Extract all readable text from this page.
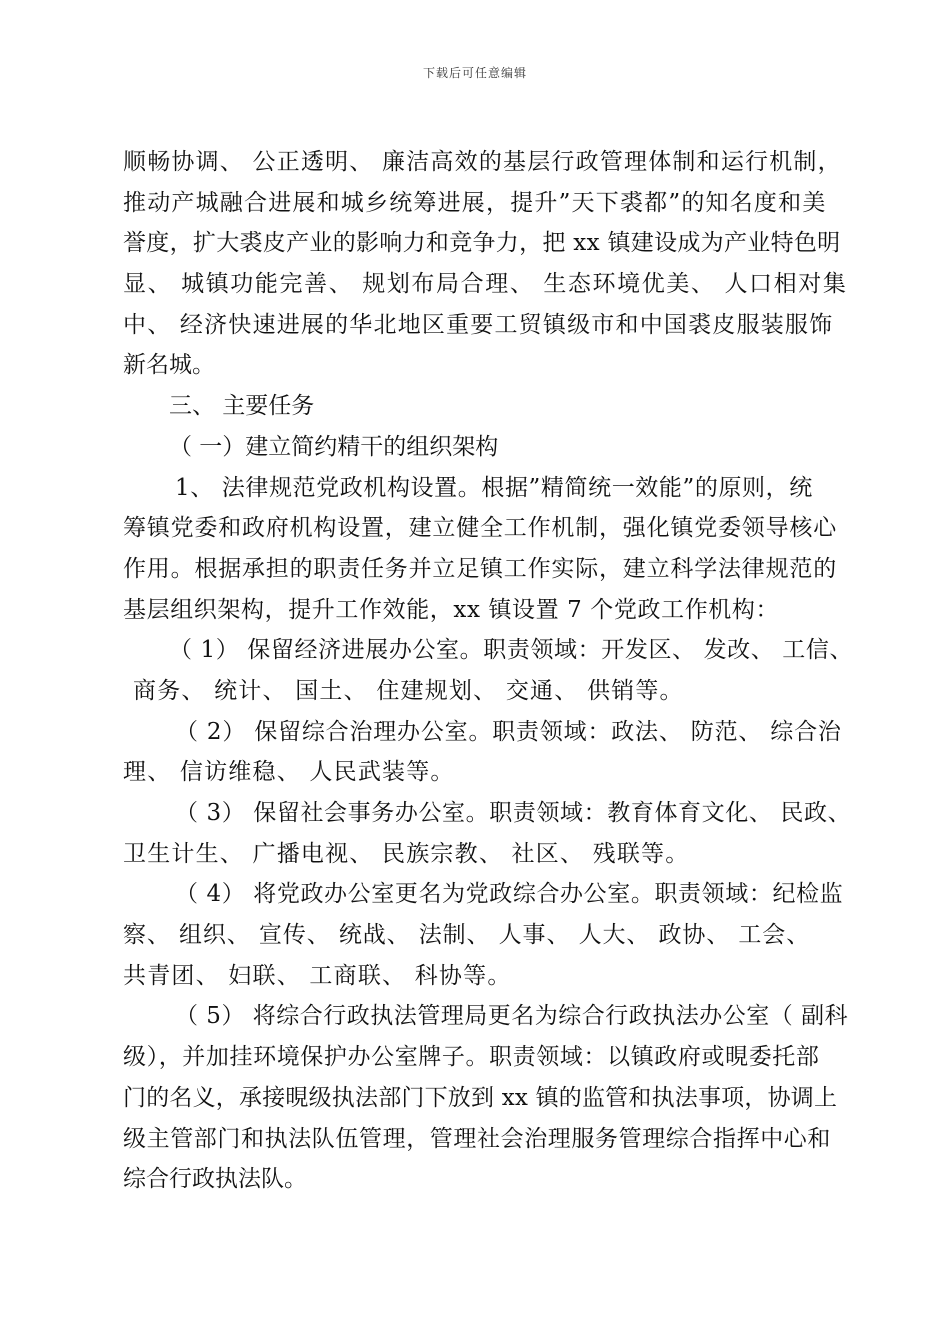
下载后可任意编辑
顺畅协调、 公正透明、 廉洁高效的基层行政管理体制和运行机制，
推动产城融合进展和城乡统筹进展，提升”天下裘都”的知名度和美
誉度，扩大裘皮产业的影响力和竞争力，把 xx 镇建设成为产业特色明
显、 城镇功能完善、 规划布局合理、 生态环境优美、 人口相对集
中、 经济快速进展的华北地区重要工贸镇级市和中国裘皮服装服饰
新名城。
三、 主要任务
（ 一）建立简约精干的组织架构
1、 法律规范党政机构设置。根据”精简统一效能”的原则，统
筹镇党委和政府机构设置，建立健全工作机制，强化镇党委领导核心
作用。根据承担的职责任务并立足镇工作实际，建立科学法律规范的
基层组织架构，提升工作效能，xx 镇设置 7 个党政工作机构：
（ 1） 保留经济进展办公室。职责领域：开发区、 发改、 工信、
商务、 统计、 国土、 住建规划、 交通、 供销等。
（ 2） 保留综合治理办公室。职责领域：政法、 防范、 综合治
理、 信访维稳、 人民武装等。
（ 3） 保留社会事务办公室。职责领域：教育体育文化、 民政、
卫生计生、 广播电视、 民族宗教、 社区、 残联等。
（ 4） 将党政办公室更名为党政综合办公室。职责领域：纪检监
察、 组织、 宣传、 统战、 法制、 人事、 人大、 政协、 工会、
共青团、 妇联、 工商联、 科协等。
（ 5） 将综合行政执法管理局更名为综合行政执法办公室（ 副科
级），并加挂环境保护办公室牌子。职责领域：以镇政府或晛委托部
门的名义，承接晛级执法部门下放到 xx 镇的监管和执法事项，协调上
级主管部门和执法队伍管理，管理社会治理服务管理综合指挥中心和
综合行政执法队。
